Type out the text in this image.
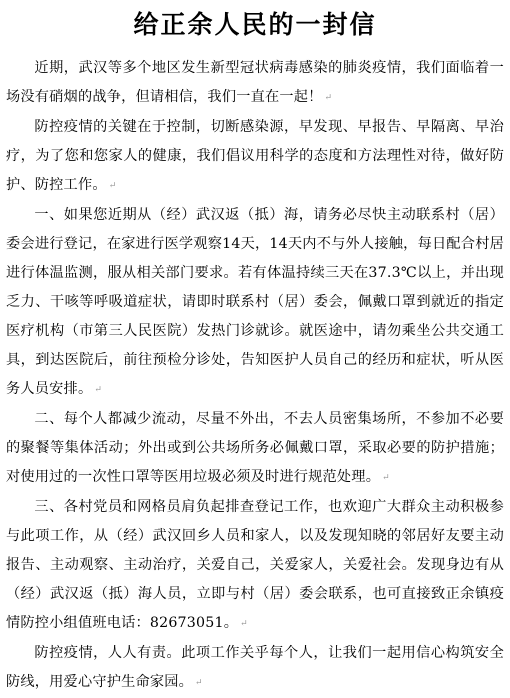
给正余人民的一封信

近期，武汉等多个地区发生新型冠状病毒感染的肺炎疫情，我们面临着一场没有硝烟的战争，但请相信，我们一直在一起！ ↵

防控疫情的关键在于控制，切断感染源，早发现、早报告、早隔离、早治疗，为了您和您家人的健康，我们倡议用科学的态度和方法理性对待，做好防护、防控工作。 ↵

一、如果您近期从（经）武汉返（抵）海，请务必尽快主动联系村（居）委会进行登记，在家进行医学观察14天，14天内不与外人接触，每日配合村居进行体温监测，服从相关部门要求。若有体温持续三天在37.3℃以上，并出现乏力、干咳等呼吸道症状，请即时联系村（居）委会，佩戴口罩到就近的指定医疗机构（市第三人民医院）发热门诊就诊。就医途中，请勿乘坐公共交通工具，到达医院后，前往预检分诊处，告知医护人员自己的经历和症状，听从医务人员安排。 ↵

二、每个人都减少流动，尽量不外出，不去人员密集场所，不参加不必要的聚餐等集体活动；外出或到公共场所务必佩戴口罩，采取必要的防护措施；对使用过的一次性口罩等医用垃圾必须及时进行规范处理。 ↵

三、各村党员和网格员肩负起排查登记工作，也欢迎广大群众主动积极参与此项工作，从（经）武汉回乡人员和家人，以及发现知晓的邻居好友要主动报告、主动观察、主动治疗，关爱自己，关爱家人，关爱社会。发现身边有从（经）武汉返（抵）海人员，立即与村（居）委会联系，也可直接致正余镇疫情防控小组值班电话：82673051。 ↵

防控疫情，人人有责。此项工作关乎每个人，让我们一起用信心构筑安全防线，用爱心守护生命家园。 ↵
